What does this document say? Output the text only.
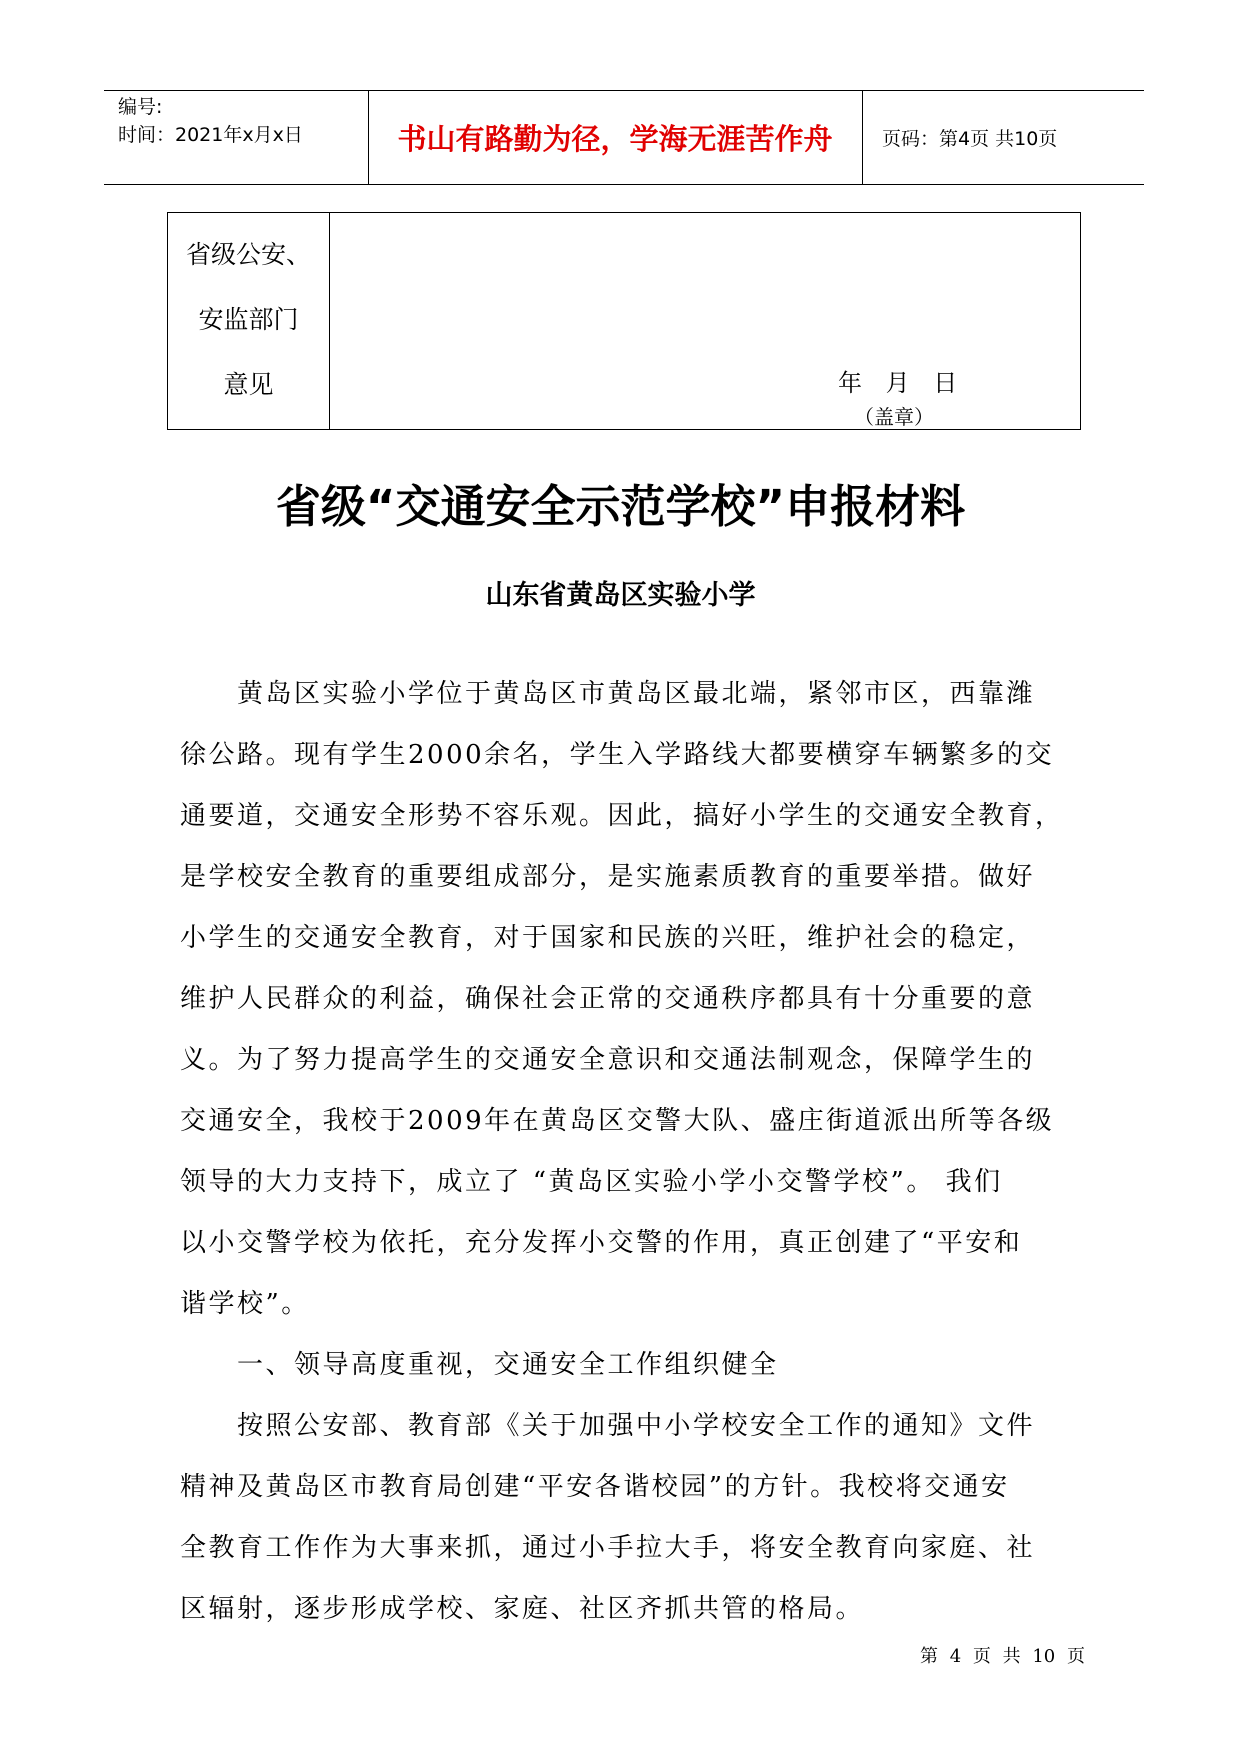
编号:
时间：2021年x月x日	书山有路勤为径，学海无涯苦作舟	页码：第4页 共10页
省级公安、
安监部门
意见	年 月 日
（盖章）
省级“交通安全示范学校”申报材料
山东省黄岛区实验小学
　　黄岛区实验小学位于黄岛区市黄岛区最北端，紧邻市区，西靠潍
徐公路。现有学生2000余名，学生入学路线大都要横穿车辆繁多的交
通要道，交通安全形势不容乐观。因此，搞好小学生的交通安全教育，
是学校安全教育的重要组成部分，是实施素质教育的重要举措。做好
小学生的交通安全教育，对于国家和民族的兴旺，维护社会的稳定，
维护人民群众的利益，确保社会正常的交通秩序都具有十分重要的意
义。为了努力提高学生的交通安全意识和交通法制观念，保障学生的
交通安全，我校于2009年在黄岛区交警大队、盛庄街道派出所等各级
领导的大力支持下，成立了 “黄岛区实验小学小交警学校”。 我们
以小交警学校为依托，充分发挥小交警的作用，真正创建了“平安和
谐学校”。
　　一、领导高度重视，交通安全工作组织健全
　　按照公安部、教育部《关于加强中小学校安全工作的通知》文件
精神及黄岛区市教育局创建“平安各谐校园”的方针。我校将交通安
全教育工作作为大事来抓，通过小手拉大手，将安全教育向家庭、社
区辐射，逐步形成学校、家庭、社区齐抓共管的格局。
第 4 页 共 10 页
